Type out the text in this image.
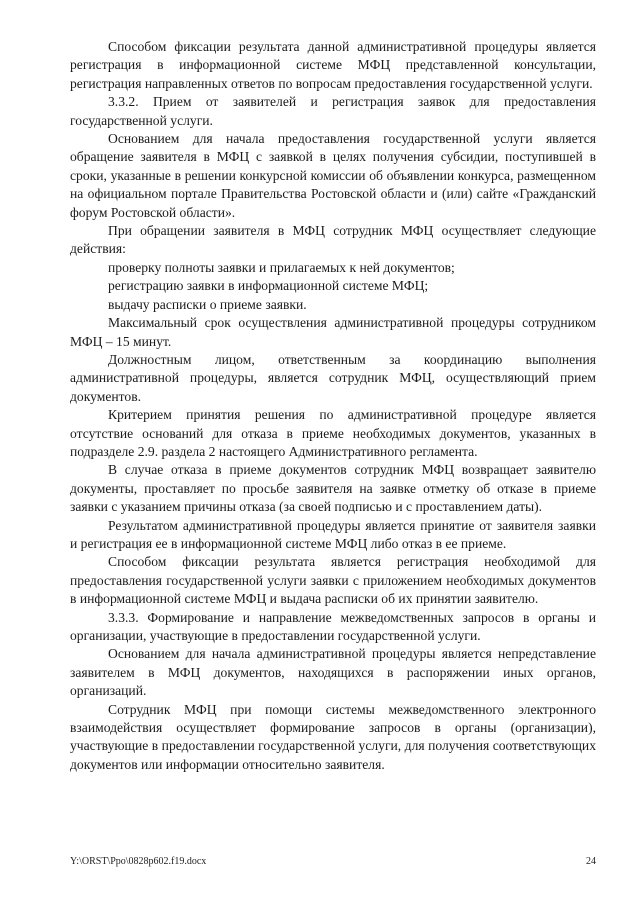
Способом фиксации результата данной административной процедуры является регистрация в информационной системе МФЦ представленной консультации, регистрация направленных ответов по вопросам предоставления государственной услуги.

3.3.2. Прием от заявителей и регистрация заявок для предоставления государственной услуги.

Основанием для начала предоставления государственной услуги является обращение заявителя в МФЦ с заявкой в целях получения субсидии, поступившей в сроки, указанные в решении конкурсной комиссии об объявлении конкурса, размещенном на официальном портале Правительства Ростовской области и (или) сайте «Гражданский форум Ростовской области».

При обращении заявителя в МФЦ сотрудник МФЦ осуществляет следующие действия:

проверку полноты заявки и прилагаемых к ней документов;

регистрацию заявки в информационной системе МФЦ;

выдачу расписки о приеме заявки.

Максимальный срок осуществления административной процедуры сотрудником МФЦ – 15 минут.

Должностным лицом, ответственным за координацию выполнения административной процедуры, является сотрудник МФЦ, осуществляющий прием документов.

Критерием принятия решения по административной процедуре является отсутствие оснований для отказа в приеме необходимых документов, указанных в подразделе 2.9. раздела 2 настоящего Административного регламента.

В случае отказа в приеме документов сотрудник МФЦ возвращает заявителю документы, проставляет по просьбе заявителя на заявке отметку об отказе в приеме заявки с указанием причины отказа (за своей подписью и с проставлением даты).

Результатом административной процедуры является принятие от заявителя заявки и регистрация ее в информационной системе МФЦ либо отказ в ее приеме.

Способом фиксации результата является регистрация необходимой для предоставления государственной услуги заявки с приложением необходимых документов в информационной системе МФЦ и выдача расписки об их принятии заявителю.

3.3.3. Формирование и направление межведомственных запросов в органы и организации, участвующие в предоставлении государственной услуги.

Основанием для начала административной процедуры является непредставление заявителем в МФЦ документов, находящихся в распоряжении иных органов, организаций.

Сотрудник МФЦ при помощи системы межведомственного электронного взаимодействия осуществляет формирование запросов в органы (организации), участвующие в предоставлении государственной услуги, для получения соответствующих документов или информации относительно заявителя.

Y:\ORST\Ppo\0828p602.f19.docx	24
